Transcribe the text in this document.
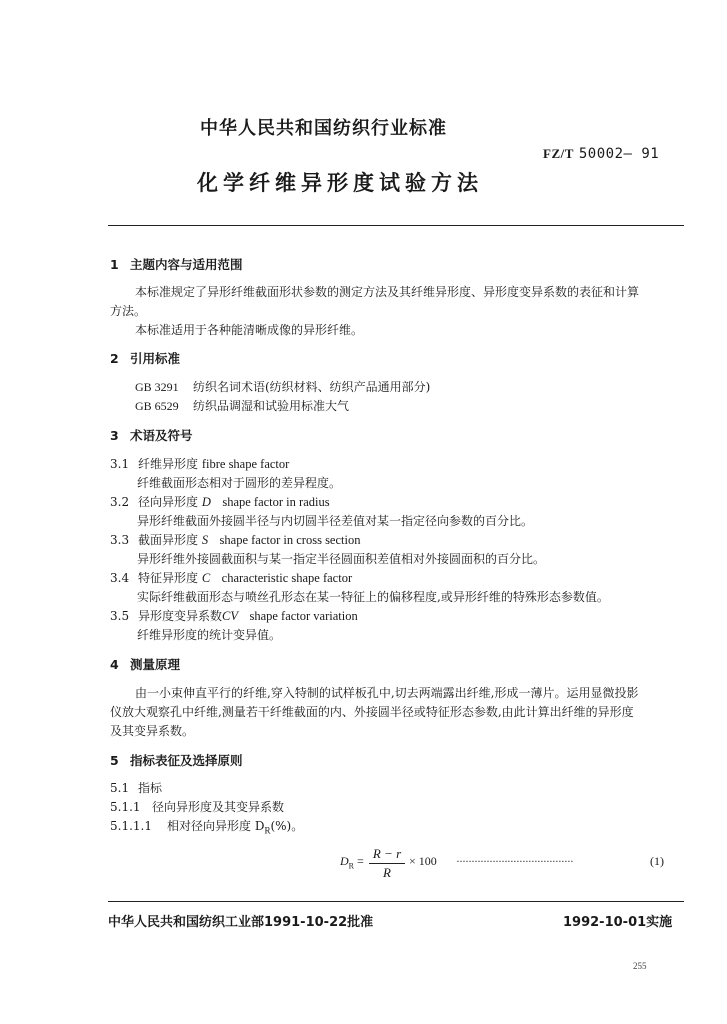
中华人民共和国纺织行业标准
FZ/T 50002— 91
化学纤维异形度试验方法
1 主题内容与适用范围
本标准规定了异形纤维截面形状参数的测定方法及其纤维异形度、异形度变异系数的表征和计算
方法。
本标准适用于各种能清晰成像的异形纤维。
2 引用标准
GB 3291 纺织名词术语(纺织材料、纺织产品通用部分)
GB 6529 纺织品调湿和试验用标准大气
3 术语及符号
3.1 纤维异形度 fibre shape factor
纤维截面形态相对于圆形的差异程度。
3.2 径向异形度 D shape factor in radius
异形纤维截面外接圆半径与内切圆半径差值对某一指定径向参数的百分比。
3.3 截面异形度 S shape factor in cross section
异形纤维外接圆截面积与某一指定半径圆面积差值相对外接圆面积的百分比。
3.4 特征异形度 C characteristic shape factor
实际纤维截面形态与喷丝孔形态在某一特征上的偏移程度,或异形纤维的特殊形态参数值。
3.5 异形度变异系数CV shape factor variation
纤维异形度的统计变异值。
4 测量原理
由一小束伸直平行的纤维,穿入特制的试样板孔中,切去两端露出纤维,形成一薄片。运用显微投影
仪放大观察孔中纤维,测量若干纤维截面的内、外接圆半径或特征形态参数,由此计算出纤维的异形度
及其变异系数。
5 指标表征及选择原则
5.1 指标
5.1.1 径向异形度及其变异系数
5.1.1.1 相对径向异形度 $D_R(\%)$。
$D_R = R - r$
R
× 100 ·······································	(1)
中华人民共和国纺织工业部1991-10-22批准	1992-10-01实施
255
